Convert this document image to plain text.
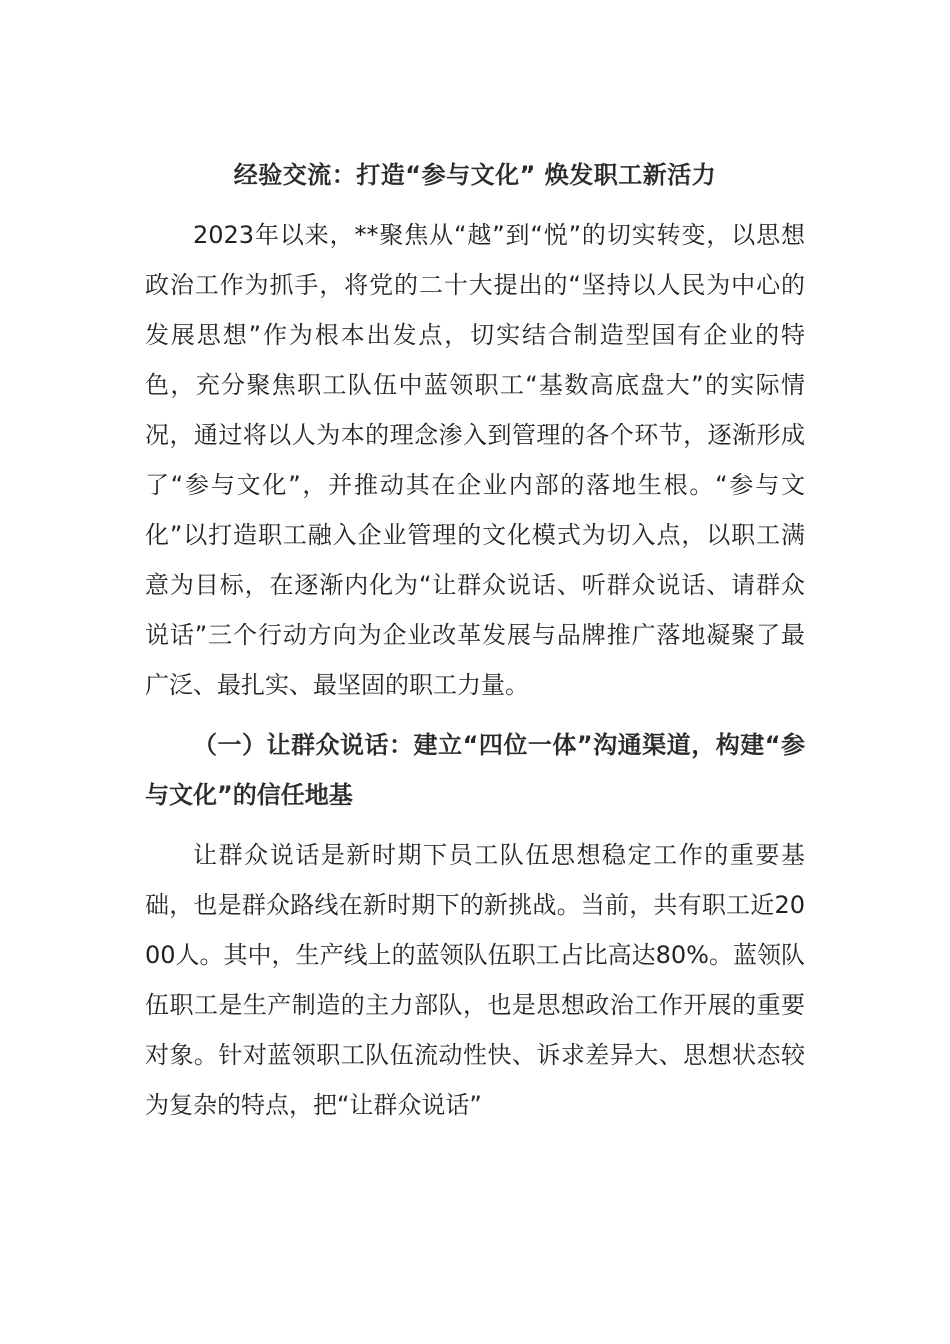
经验交流：打造“参与文化” 焕发职工新活力

2023年以来，**聚焦从“越”到“悦”的切实转变，以思想政治工作为抓手，将党的二十大提出的“坚持以人民为中心的发展思想”作为根本出发点，切实结合制造型国有企业的特色，充分聚焦职工队伍中蓝领职工“基数高底盘大”的实际情况，通过将以人为本的理念渗入到管理的各个环节，逐渐形成了“参与文化”，并推动其在企业内部的落地生根。“参与文化”以打造职工融入企业管理的文化模式为切入点，以职工满意为目标，在逐渐内化为“让群众说话、听群众说话、请群众说话”三个行动方向为企业改革发展与品牌推广落地凝聚了最广泛、最扎实、最坚固的职工力量。

（一）让群众说话：建立“四位一体”沟通渠道，构建“参与文化”的信任地基

让群众说话是新时期下员工队伍思想稳定工作的重要基础，也是群众路线在新时期下的新挑战。当前，共有职工近2000人。其中，生产线上的蓝领队伍职工占比高达80%。蓝领队伍职工是生产制造的主力部队，也是思想政治工作开展的重要对象。针对蓝领职工队伍流动性快、诉求差异大、思想状态较为复杂的特点，把“让群众说话”
